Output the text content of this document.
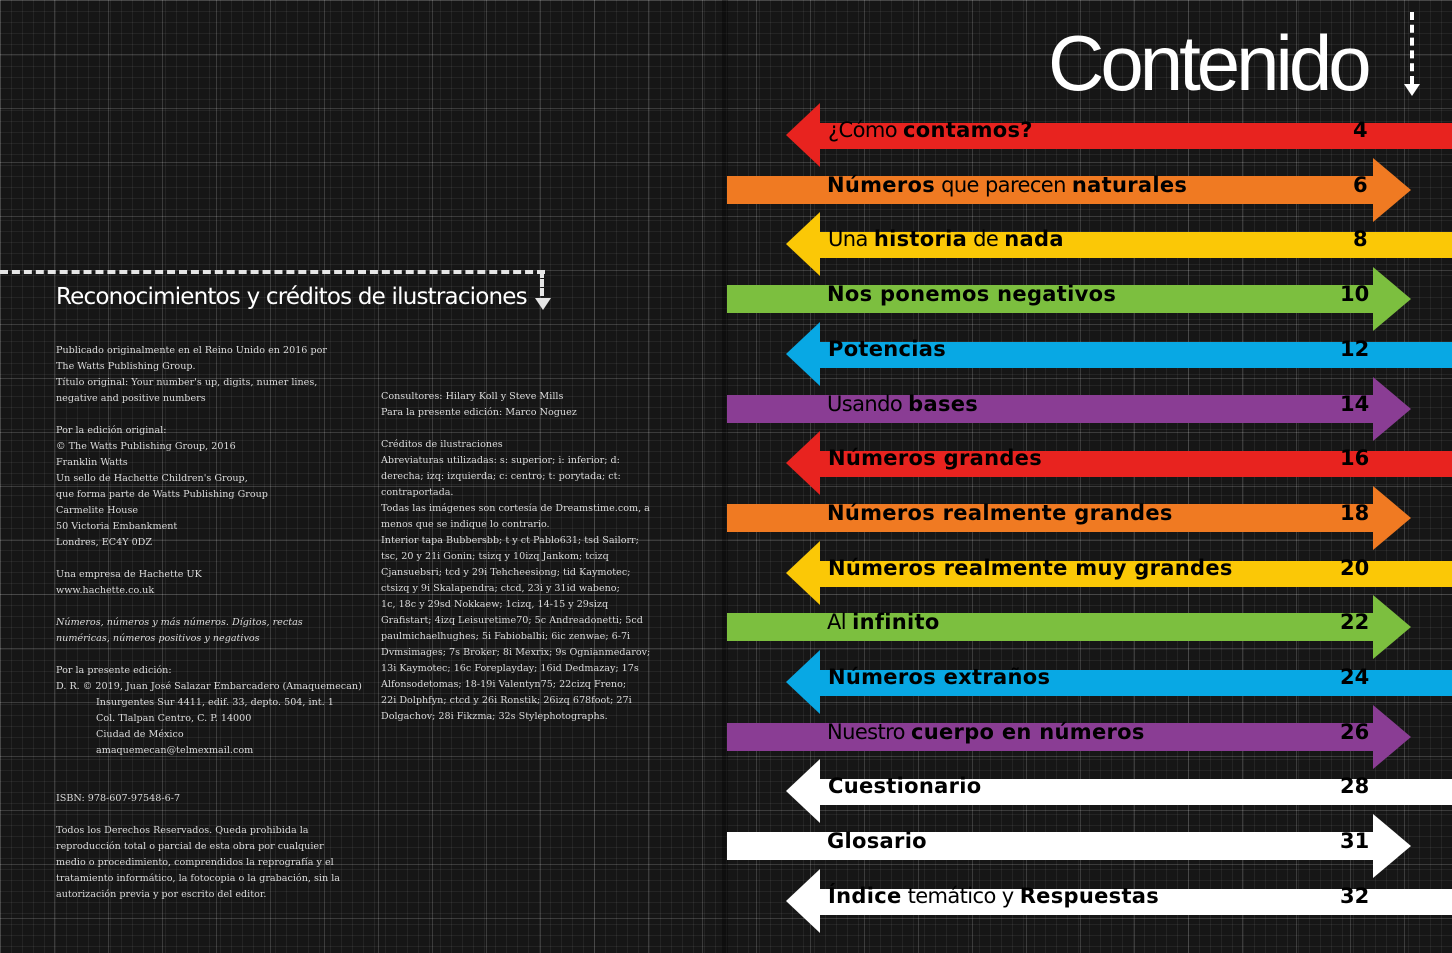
Reconocimientos y créditos de ilustraciones

Publicado originalmente en el Reino Unido en 2016 por

The Watts Publishing Group.

Título original: Your number's up, digits, numer lines,

negative and positive numbers

Por la edición original:

© The Watts Publishing Group, 2016

Franklin Watts

Un sello de Hachette Children's Group,

que forma parte de Watts Publishing Group

Carmelite House

50 Victoria Embankment

Londres, EC4Y 0DZ

Una empresa de Hachette UK

www.hachette.co.uk

Números, números y más números. Dígitos, rectas

numéricas, números positivos y negativos

Por la presente edición:

D. R. © 2019, Juan José Salazar Embarcadero (Amaquemecan)

Insurgentes Sur 4411, edif. 33, depto. 504, int. 1

Col. Tlalpan Centro, C. P. 14000

Ciudad de México

amaquemecan@telmexmail.com

ISBN: 978-607-97548-6-7

Todos los Derechos Reservados. Queda prohibida la

reproducción total o parcial de esta obra por cualquier

medio o procedimiento, comprendidos la reprografía y el

tratamiento informático, la fotocopia o la grabación, sin la

autorización previa y por escrito del editor.

Consultores: Hilary Koll y Steve Mills

Para la presente edición: Marco Noguez

Créditos de ilustraciones

Abreviaturas utilizadas: s: superior; i: inferior; d:

derecha; izq: izquierda; c: centro; t: porytada; ct:

contraportada.

Todas las imágenes son cortesía de Dreamstime.com, a

menos que se indique lo contrario.

Interior tapa Bubbersbb; t y ct Pablo631; tsd Sailorr;

tsc, 20 y 21i Gonin; tsizq y 10izq Jankom; tcizq

Cjansuebsri; tcd y 29i Tehcheesiong; tid Kaymotec;

ctsizq y 9i Skalapendra; ctcd, 23i y 31id wabeno;

1c, 18c y 29sd Nokkaew; 1cizq, 14-15 y 29sizq

Grafistart; 4izq Leisuretime70; 5c Andreadonetti; 5cd

paulmichaelhughes; 5i Fabiobalbi; 6ic zenwae; 6-7i

Dvmsimages; 7s Broker; 8i Mexrix; 9s Ognianmedarov;

13i Kaymotec; 16c Foreplayday; 16id Dedmazay; 17s

Alfonsodetomas; 18-19i Valentyn75; 22cizq Freno;

22i Dolphfyn; ctcd y 26i Ronstik; 26izq 678foot; 27i

Dolgachov; 28i Fikzma; 32s Stylephotographs.

Contenido
¿Cómo contamos?	4
Números que parecen naturales	6
Una historia de nada	8
Nos ponemos negativos	10
Potencias	12
Usando bases	14
Números grandes	16
Números realmente grandes	18
Números realmente muy grandes	20
Al infinito	22
Números extraños	24
Nuestro cuerpo en números	26
Cuestionario	28
Glosario	31
Índice temático y Respuestas	32
